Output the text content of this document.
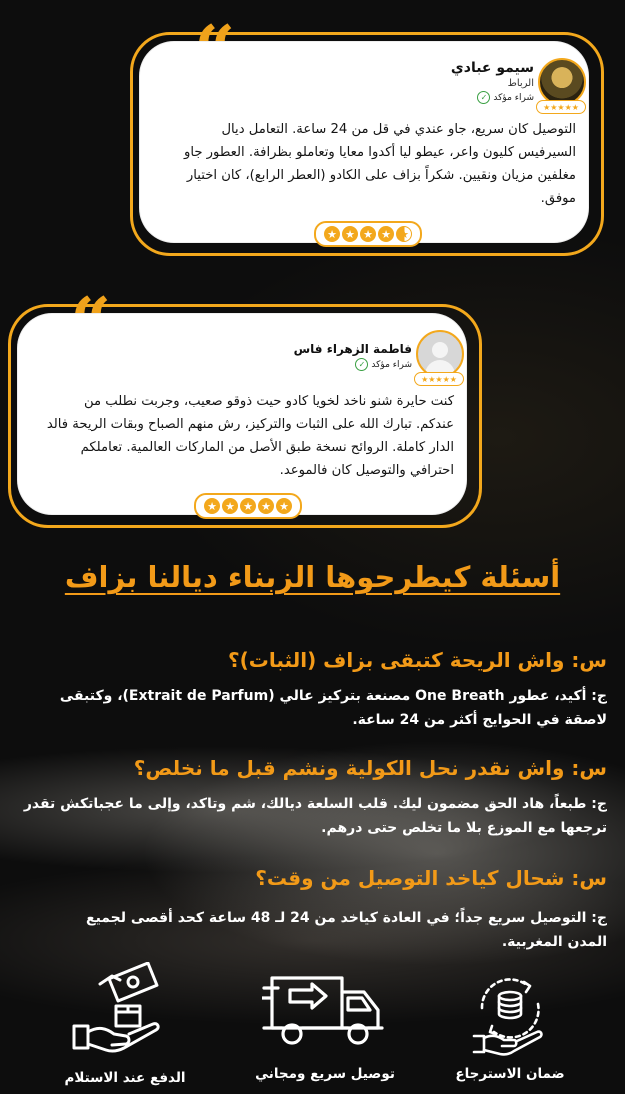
★★★★★
سيمو عبادي
الرباط
شراء مؤكد
✓
التوصيل كان سريع، جاو عندي في قل من 24 ساعة. التعامل ديال السيرفيس كليون واعر، عيطو ليا أكدوا معايا وتعاملو بظرافة. العطور جاو مغلفين مزيان ونقيين. شكراً بزاف على الكادو (العطر الرابع)، كان اختيار موفق.
★ ★ ★ ★ ★
★★★★★
فاطمة الزهراء فاس
شراء مؤكد
✓
كنت حايرة شنو ناخد لخويا كادو حيت ذوقو صعيب، وجربت نطلب من عندكم. تبارك الله على الثبات والتركيز، رش منهم الصباح وبقات الريحة فالد الدار كاملة. الروائح نسخة طبق الأصل من الماركات العالمية. تعاملكم احترافي والتوصيل كان فالموعد.
★ ★ ★ ★ ★
أسئلة كيطرحوها الزبناء ديالنا بزاف
س: واش الريحة كتبقى بزاف (الثبات)؟
ج: أكيد، عطور One Breath مصنعة بتركيز عالي (Extrait de Parfum)، وكتبقى لاصقة في الحوايج أكثر من 24 ساعة.
س: واش نقدر نحل الكولية ونشم قبل ما نخلص؟
ج: طبعاً، هاد الحق مضمون ليك. قلب السلعة ديالك، شم وتاكد، وإلى ما عجباتكش تقدر ترجعها مع الموزع بلا ما تخلص حتى درهم.
س: شحال كياخد التوصيل من وقت؟
ج: التوصيل سريع جداً؛ في العادة كياخد من 24 لـ 48 ساعة كحد أقصى لجميع المدن المغربية.
الدفع عند الاستلام	توصيل سريع ومجاني	ضمان الاسترجاع
